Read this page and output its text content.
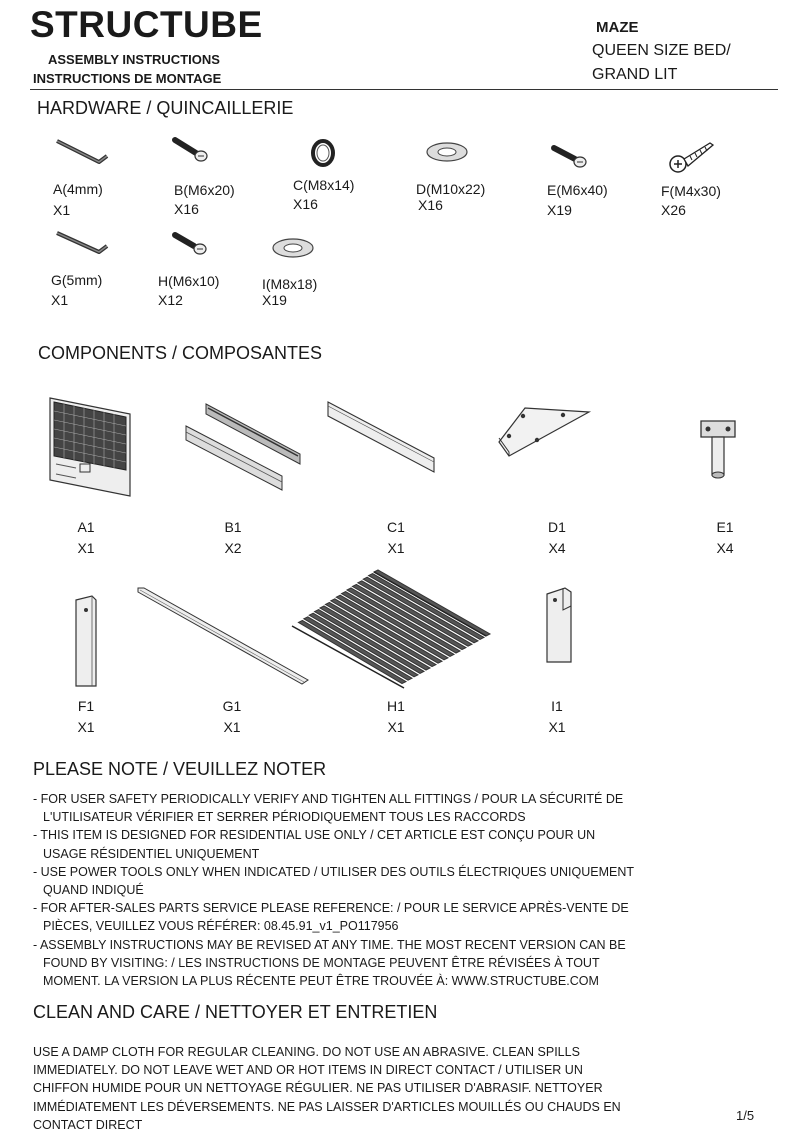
STRUCTUBE
ASSEMBLY INSTRUCTIONS
INSTRUCTIONS DE MONTAGE
MAZE
QUEEN SIZE BED/
GRAND LIT
HARDWARE / QUINCAILLERIE
A(4mm)
X1
B(M6x20)
X16
C(M8x14)
X16
D(M10x22)
X16
E(M6x40)
X19
F(M4x30)
X26
G(5mm)
X1
H(M6x10)
X12
I(M8x18)
X19
COMPONENTS / COMPOSANTES
A1
X1
B1
X2
C1
X1
D1
X4
E1
X4
F1
X1
G1
X1
H1
X1
I1
X1
PLEASE NOTE / VEUILLEZ NOTER
- FOR USER SAFETY PERIODICALLY VERIFY AND TIGHTEN ALL FITTINGS / POUR LA SÉCURITÉ DE
L'UTILISATEUR VÉRIFIER ET SERRER PÉRIODIQUEMENT TOUS LES RACCORDS
- THIS ITEM IS DESIGNED FOR RESIDENTIAL USE ONLY / CET ARTICLE EST CONÇU POUR UN
USAGE RÉSIDENTIEL UNIQUEMENT
- USE POWER TOOLS ONLY WHEN INDICATED / UTILISER DES OUTILS ÉLECTRIQUES UNIQUEMENT
QUAND INDIQUÉ
- FOR AFTER-SALES PARTS SERVICE PLEASE REFERENCE: / POUR LE SERVICE APRÈS-VENTE DE
PIÈCES, VEUILLEZ VOUS RÉFÉRER: 08.45.91_v1_PO117956
- ASSEMBLY INSTRUCTIONS MAY BE REVISED AT ANY TIME. THE MOST RECENT VERSION CAN BE
FOUND BY VISITING: / LES INSTRUCTIONS DE MONTAGE PEUVENT ÊTRE RÉVISÉES À TOUT
MOMENT. LA VERSION LA PLUS RÉCENTE PEUT ÊTRE TROUVÉE À: WWW.STRUCTUBE.COM
CLEAN AND CARE / NETTOYER ET ENTRETIEN
USE A DAMP CLOTH FOR REGULAR CLEANING. DO NOT USE AN ABRASIVE. CLEAN SPILLS
IMMEDIATELY. DO NOT LEAVE WET AND OR HOT ITEMS IN DIRECT CONTACT / UTILISER UN
CHIFFON HUMIDE POUR UN NETTOYAGE RÉGULIER. NE PAS UTILISER D'ABRASIF. NETTOYER
IMMÉDIATEMENT LES DÉVERSEMENTS. NE PAS LAISSER D'ARTICLES MOUILLÉS OU CHAUDS EN
CONTACT DIRECT
1/5
